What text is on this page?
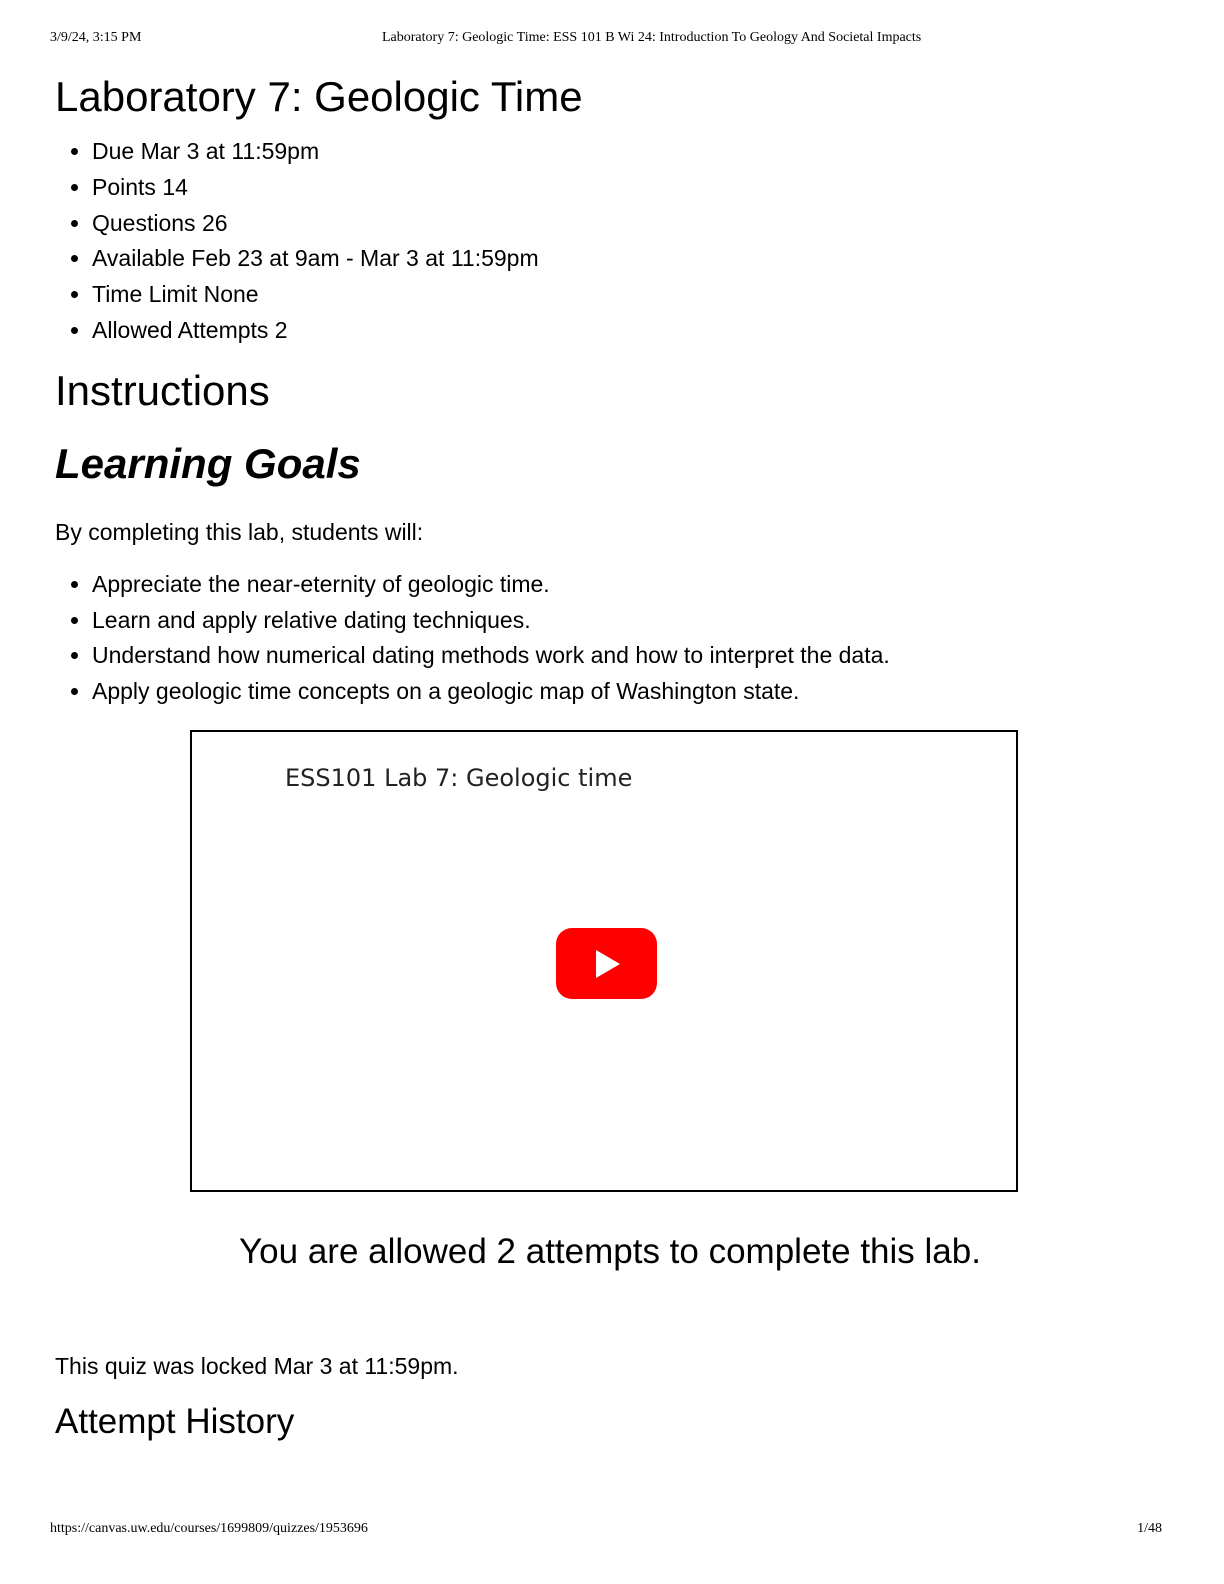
3/9/24, 3:15 PM	Laboratory 7: Geologic Time: ESS 101 B Wi 24: Introduction To Geology And Societal Impacts
Laboratory 7: Geologic Time
• Due Mar 3 at 11:59pm
• Points 14
• Questions 26
• Available Feb 23 at 9am - Mar 3 at 11:59pm
• Time Limit None
• Allowed Attempts 2
Instructions
Learning Goals

By completing this lab, students will:

• Appreciate the near-eternity of geologic time.
• Learn and apply relative dating techniques.
• Understand how numerical dating methods work and how to interpret the data.
• Apply geologic time concepts on a geologic map of Washington state.
ESS101 Lab 7: Geologic time
You are allowed 2 attempts to complete this lab.
This quiz was locked Mar 3 at 11:59pm.
Attempt History
https://canvas.uw.edu/courses/1699809/quizzes/1953696	1/48
